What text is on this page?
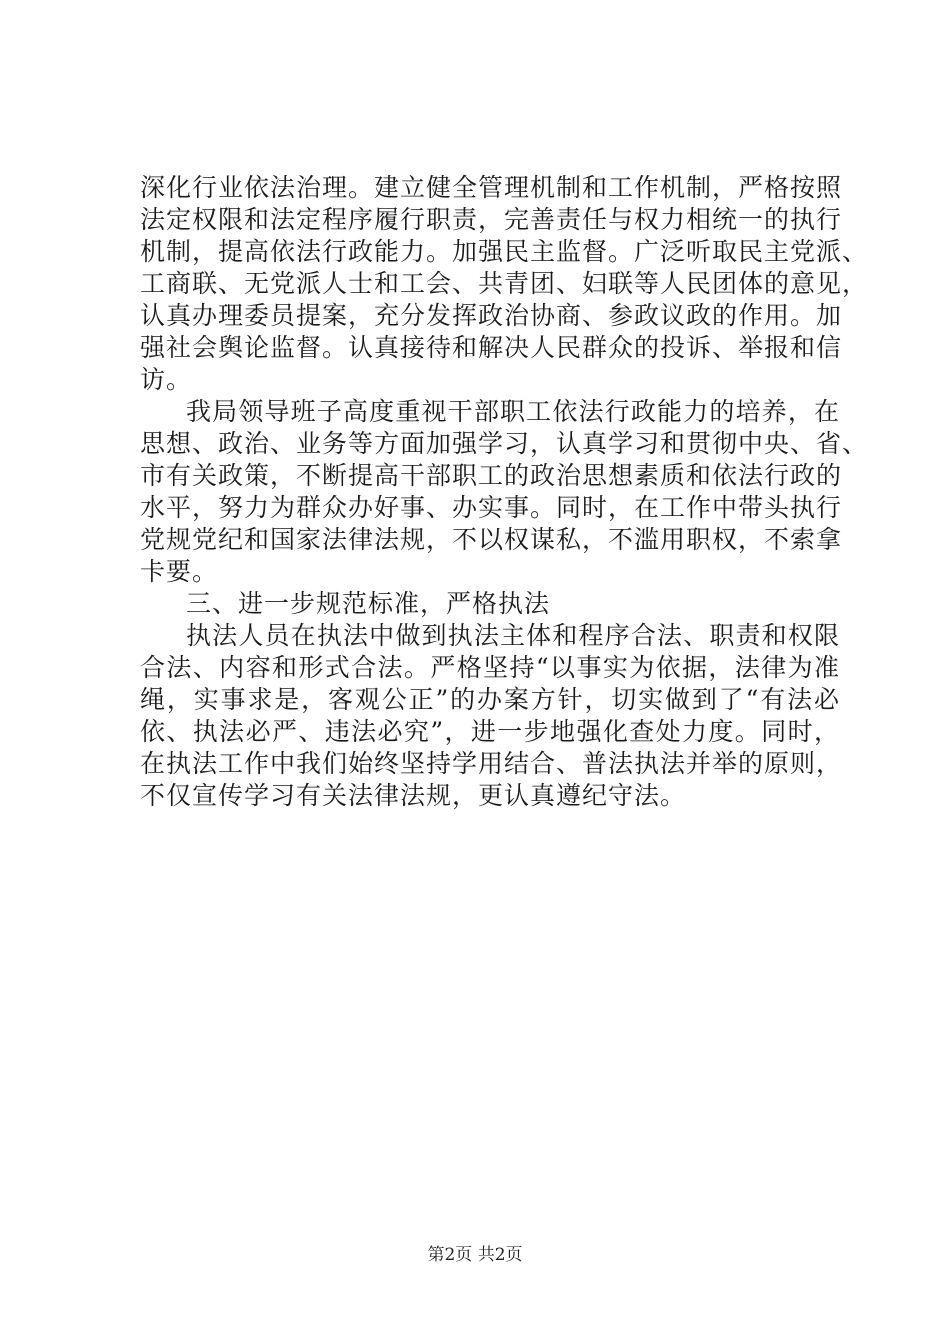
深化行业依法治理。建立健全管理机制和工作机制，严格按照
法定权限和法定程序履行职责，完善责任与权力相统一的执行
机制，提高依法行政能力。加强民主监督。广泛听取民主党派、
工商联、无党派人士和工会、共青团、妇联等人民团体的意见，
认真办理委员提案，充分发挥政治协商、参政议政的作用。加
强社会舆论监督。认真接待和解决人民群众的投诉、举报和信
访。
我局领导班子高度重视干部职工依法行政能力的培养，在
思想、政治、业务等方面加强学习，认真学习和贯彻中央、省、
市有关政策，不断提高干部职工的政治思想素质和依法行政的
水平，努力为群众办好事、办实事。同时，在工作中带头执行
党规党纪和国家法律法规，不以权谋私，不滥用职权，不索拿
卡要。
三、进一步规范标准，严格执法
执法人员在执法中做到执法主体和程序合法、职责和权限
合法、内容和形式合法。严格坚持“以事实为依据，法律为准
绳，实事求是，客观公正”的办案方针，切实做到了“有法必
依、执法必严、违法必究”，进一步地强化查处力度。同时，
在执法工作中我们始终坚持学用结合、普法执法并举的原则，
不仅宣传学习有关法律法规，更认真遵纪守法。
第2页 共2页
